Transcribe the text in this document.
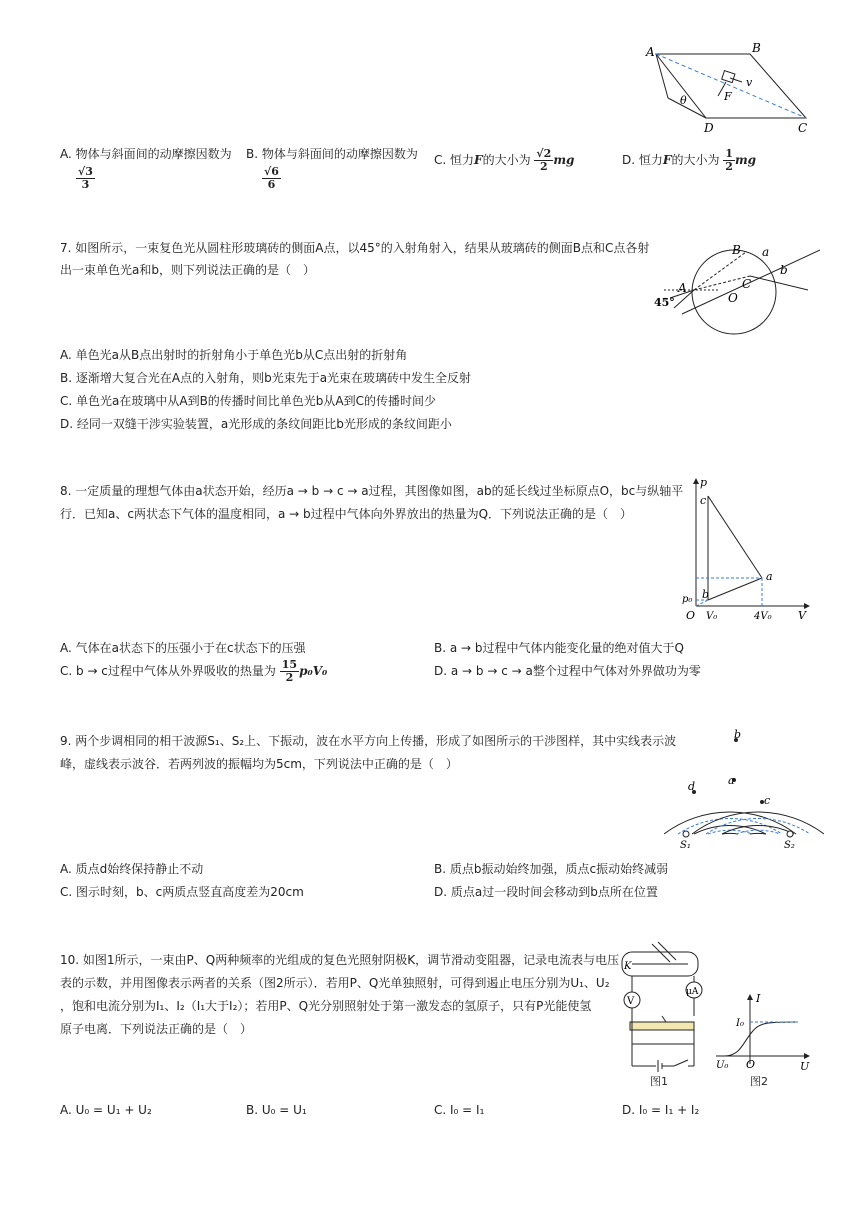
A	B
C
D
v
F
θ
A. 物体与斜面间的动摩擦因数为
$\frac{√3}{3}$
B. 物体与斜面间的动摩擦因数为
$\frac{√6}{6}$
C. 恒力F的大小为 $\frac{√2}{2}$ mg	D. 恒力F的大小为 $\frac{1}{2}$ mg
7. 如图所示，一束复色光从圆柱形玻璃砖的侧面A点，以45°的入射角射入，结果从玻璃砖的侧面B点和C点各射
出一束单色光a和b，则下列说法正确的是（　）
A
B
C
O
a
b
45°
A. 单色光a从B点出射时的折射角小于单色光b从C点出射的折射角
B. 逐渐增大复合光在A点的入射角，则b光束先于a光束在玻璃砖中发生全反射
C. 单色光a在玻璃中从A到B的传播时间比单色光b从A到C的传播时间少
D. 经同一双缝干涉实验装置，a光形成的条纹间距比b光形成的条纹间距小
8. 一定质量的理想气体由a状态开始，经历a → b → c → a过程，其图像如图，ab的延长线过坐标原点O，bc与纵轴平
行．已知a、c两状态下气体的温度相同，a → b过程中气体向外界放出的热量为Q．下列说法正确的是（　）
p
V
O
a
b
c
p₀
V₀	4V₀
A. 气体在a状态下的压强小于在c状态下的压强	B. a → b过程中气体内能变化量的绝对值大于Q
C. b → c过程中气体从外界吸收的热量为 $\frac{15}{2} p_0V_0$	D. a → b → c → a整个过程中气体对外界做功为零
9. 两个步调相同的相干波源S₁、S₂上、下振动，波在水平方向上传播，形成了如图所示的干涉图样，其中实线表示波
峰，虚线表示波谷．若两列波的振幅均为5cm，下列说法中正确的是（　）
a
b
c
d
S₁	S₂
A. 质点d始终保持静止不动	B. 质点b振动始终加强，质点c振动始终减弱
C. 图示时刻，b、c两质点竖直高度差为20cm	D. 质点a过一段时间会移动到b点所在位置
10. 如图1所示，一束由P、Q两种频率的光组成的复色光照射阴极K，调节滑动变阻器，记录电流表与电压
表的示数，并用图像表示两者的关系（图2所示）．若用P、Q光单独照射，可得到遏止电压分别为U₁、U₂
，饱和电流分别为I₁、I₂（I₁大于I₂）；若用P、Q光分别照射处于第一激发态的氢原子，只有P光能使氢
原子电离．下列说法正确的是（　）
K
μA
V
图1
I
I₀
U₀ O	U
图2
A. U₀ = U₁ + U₂	B. U₀ = U₁	C. I₀ = I₁	D. I₀ = I₁ + I₂
